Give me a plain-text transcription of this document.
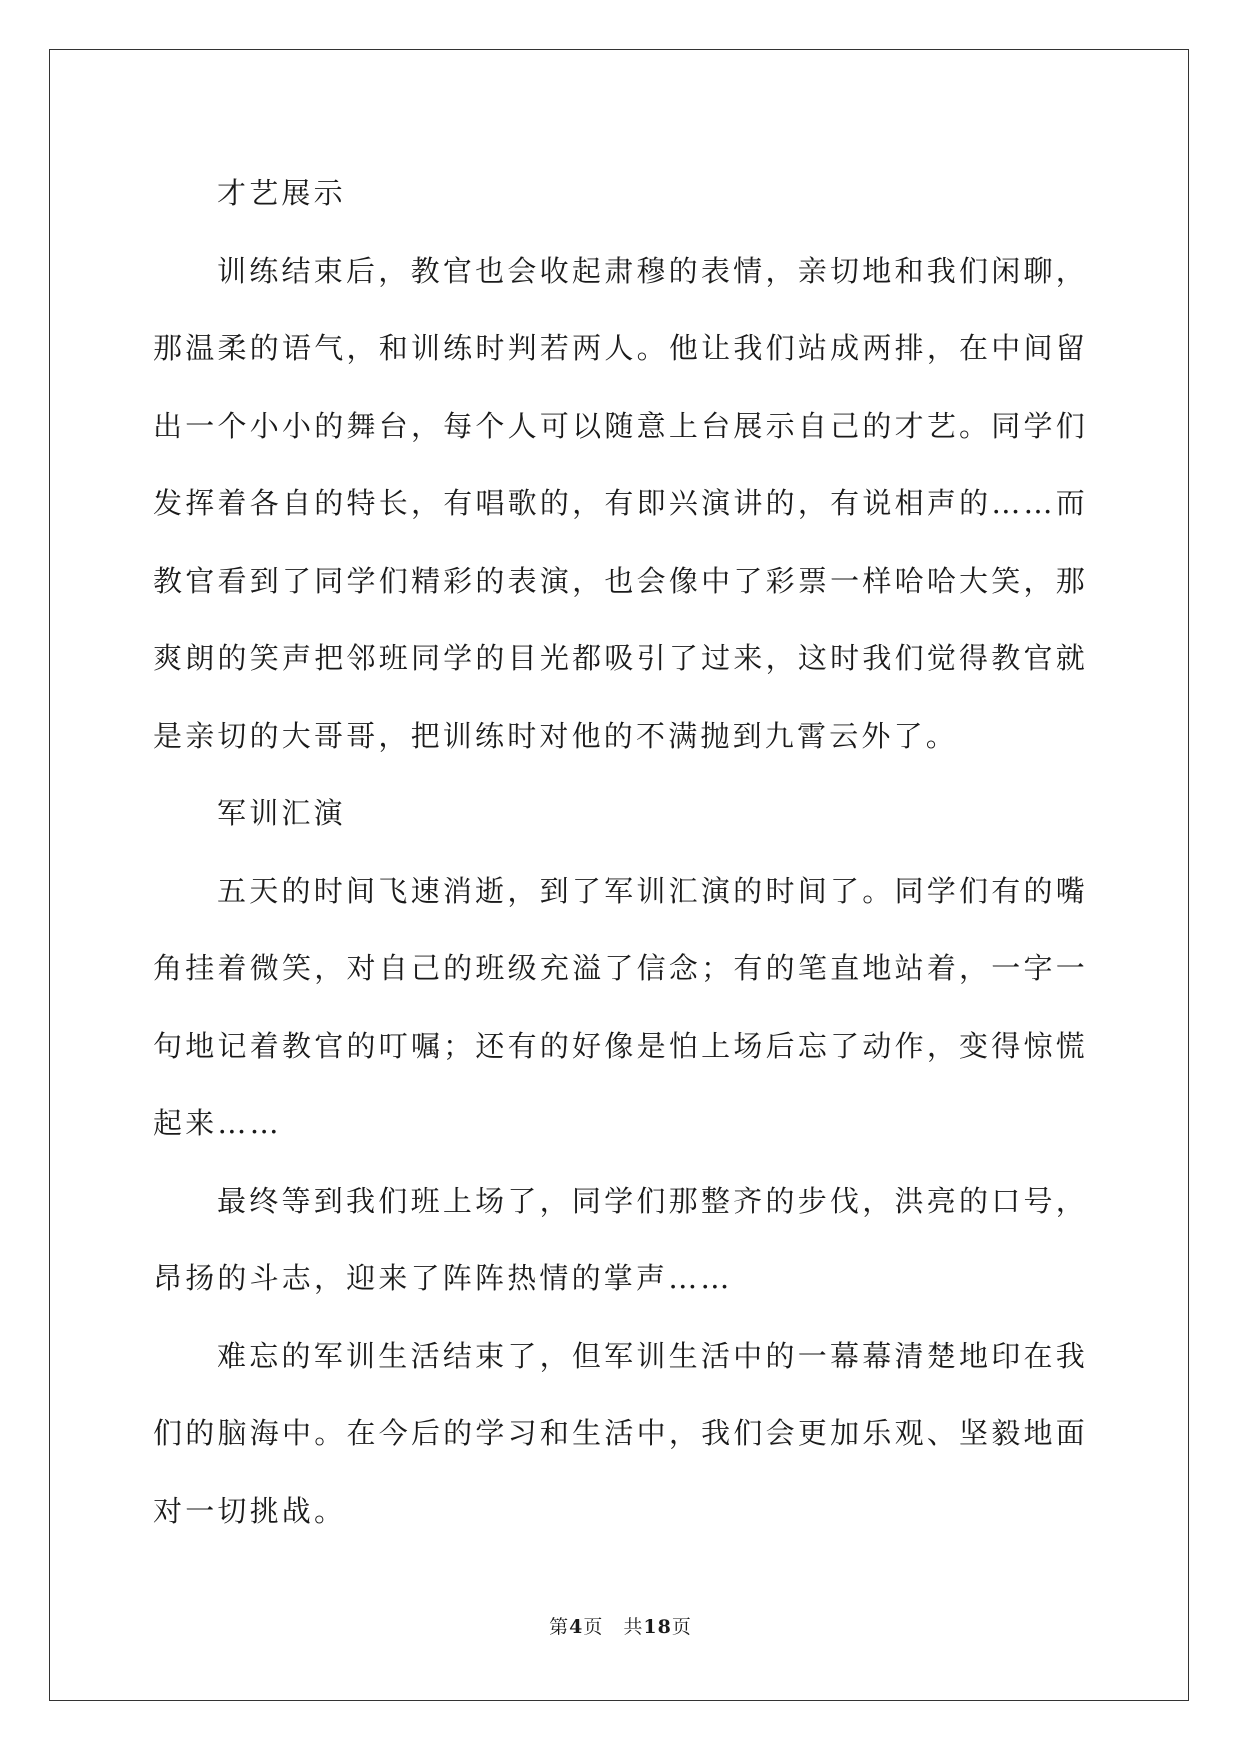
才艺展示

训练结束后，教官也会收起肃穆的表情，亲切地和我们闲聊，那温柔的语气，和训练时判若两人。他让我们站成两排，在中间留出一个小小的舞台，每个人可以随意上台展示自己的才艺。同学们发挥着各自的特长，有唱歌的，有即兴演讲的，有说相声的……而教官看到了同学们精彩的表演，也会像中了彩票一样哈哈大笑，那爽朗的笑声把邻班同学的目光都吸引了过来，这时我们觉得教官就是亲切的大哥哥，把训练时对他的不满抛到九霄云外了。

军训汇演

五天的时间飞速消逝，到了军训汇演的时间了。同学们有的嘴角挂着微笑，对自己的班级充溢了信念；有的笔直地站着，一字一句地记着教官的叮嘱；还有的好像是怕上场后忘了动作，变得惊慌起来……

最终等到我们班上场了，同学们那整齐的步伐，洪亮的口号，昂扬的斗志，迎来了阵阵热情的掌声……

难忘的军训生活结束了，但军训生活中的一幕幕清楚地印在我们的脑海中。在今后的学习和生活中，我们会更加乐观、坚毅地面对一切挑战。

第4页 共18页
